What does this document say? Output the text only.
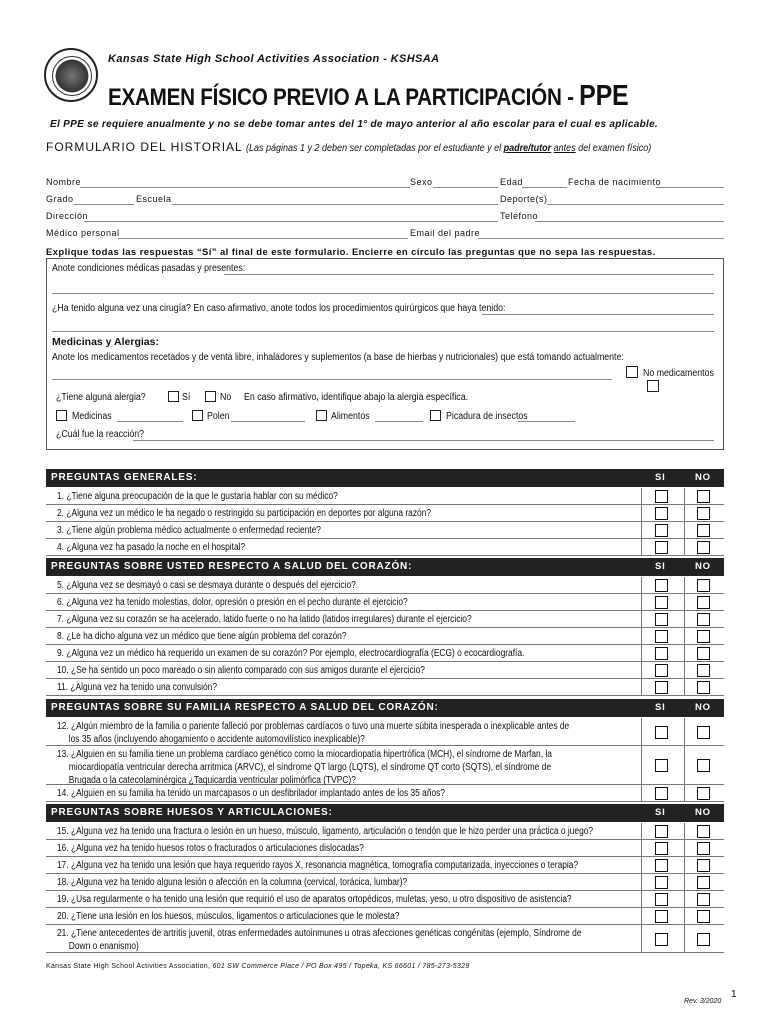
Kansas State High School Activities Association - KSHSAA
EXAMEN FÍSICO PREVIO A LA PARTICIPACIÓN - PPE
El PPE se requiere anualmente y no se debe tomar antes del 1° de mayo anterior al año escolar para el cual es aplicable.
FORMULARIO DEL HISTORIAL (Las páginas 1 y 2 deben ser completadas por el estudiante y el padre/tutor antes del examen físico)
Nombre	Sexo	Edad	Fecha de nacimiento
Grado	Escuela	Deporte(s)
Dirección	Teléfono
Médico personal	Email del padre
Explique todas las respuestas “Sí” al final de este formulario. Encierre en círculo las preguntas que no sepa las respuestas.
Anote condiciones médicas pasadas y presentes:
¿Ha tenido alguna vez una cirugía? En caso afirmativo, anote todos los procedimientos quirúrgicos que haya tenido:
Medicinas y Alergias:
Anote los medicamentos recetados y de venta libre, inhaladores y suplementos (a base de hierbas y nutricionales) que está tomando actualmente:
No medicamentos
¿Tiene alguna alergia?	Sí	No En caso afirmativo, identifique abajo la alergia específica.
Medicinas	Polen	Alimentos	Picadura de insectos
¿Cuál fue la reacción?
PREGUNTAS GENERALES:	SI	NO
1. ¿Tiene alguna preocupación de la que le gustaría hablar con su médico?
2. ¿Alguna vez un médico le ha negado o restringido su participación en deportes por alguna razón?
3. ¿Tiene algún problema médico actualmente o enfermedad reciente?
4. ¿Alguna vez ha pasado la noche en el hospital?
PREGUNTAS SOBRE USTED RESPECTO A SALUD DEL CORAZÓN:	SI	NO
5. ¿Alguna vez se desmayó o casi se desmaya durante o después del ejercicio?
6. ¿Alguna vez ha tenido molestias, dolor, opresión o presión en el pecho durante el ejercicio?
7. ¿Alguna vez su corazón se ha acelerado, latido fuerte o no ha latido (latidos irregulares) durante el ejercicio?
8. ¿Le ha dicho alguna vez un médico que tiene algún problema del corazón?
9. ¿Alguna vez un médico ha requerido un examen de su corazón? Por ejemplo, electrocardiografía (ECG) o ecocardiografía.
10. ¿Se ha sentido un poco mareado o sin aliento comparado con sus amigos durante el ejercicio?
11. ¿Alguna vez ha tenido una convulsión?
PREGUNTAS SOBRE SU FAMILIA RESPECTO A SALUD DEL CORAZÓN:	SI	NO
12. ¿Algún miembro de la familia o pariente falleció por problemas cardíacos o tuvo una muerte súbita inesperada o inexplicable antes de
los 35 años (incluyendo ahogamiento o accidente automovilístico inexplicable)?
13. ¿Alguien en su familia tiene un problema cardíaco genético como la miocardiopatía hipertrófica (MCH), el síndrome de Marfan, la
miocardiopatía ventricular derecha arritmica (ARVC), el síndrome QT largo (LQTS), el síndrome QT corto (SQTS), el síndrome de
Brugada o la catecolaminérgica ¿Taquicardia ventricular polimórfica (TVPC)?
14. ¿Alguien en su familia ha tenido un marcapasos o un desfibrilador implantado antes de los 35 años?
PREGUNTAS SOBRE HUESOS Y ARTICULACIONES:	SI	NO
15. ¿Alguna vez ha tenido una fractura o lesión en un hueso, músculo, ligamento, articulación o tendón que le hizo perder una práctica o juego?
16. ¿Alguna vez ha tenido huesos rotos o fracturados o articulaciones dislocadas?
17. ¿Alguna vez ha tenido una lesión que haya requerido rayos X, resonancia magnética, tomografía computarizada, inyecciones o terapia?
18. ¿Alguna vez ha tenido alguna lesión o afección en la columna (cervical, torácica, lumbar)?
19. ¿Usa regularmente o ha tenido una lesión que requirió el uso de aparatos ortopédicos, muletas, yeso, u otro dispositivo de asistencia?
20. ¿Tiene una lesión en los huesos, músculos, ligamentos o articulaciones que le molesta?
21. ¿Tiene antecedentes de artritis juvenil, otras enfermedades autoinmunes u otras afecciones genéticas congénitas (ejemplo, Síndrome de
Down o enanismo)
Kansas State High School Activities Association, 601 SW Commerce Place / PO Box 495 / Topeka, KS 66601 / 785-273-5329
1
Rev. 3/2020
